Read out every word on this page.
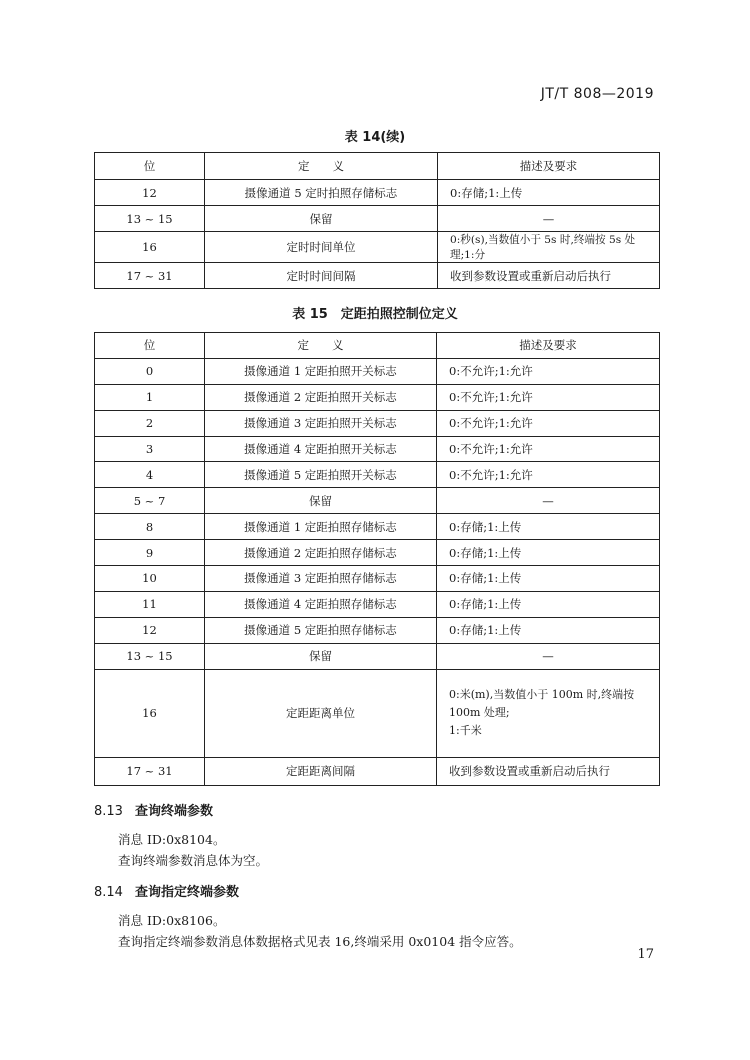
JT/T 808—2019
表 14(续)
位	定　　义	描述及要求
12	摄像通道 5 定时拍照存储标志	0:存储;1:上传
13 ~ 15	保留	—
16	定时时间单位	0:秒(s),当数值小于 5s 时,终端按 5s 处理;1:分
17 ~ 31	定时时间间隔	收到参数设置或重新启动后执行
表 15　定距拍照控制位定义
位	定　　义	描述及要求
0	摄像通道 1 定距拍照开关标志	0:不允许;1:允许
1	摄像通道 2 定距拍照开关标志	0:不允许;1:允许
2	摄像通道 3 定距拍照开关标志	0:不允许;1:允许
3	摄像通道 4 定距拍照开关标志	0:不允许;1:允许
4	摄像通道 5 定距拍照开关标志	0:不允许;1:允许
5 ~ 7	保留	—
8	摄像通道 1 定距拍照存储标志	0:存储;1:上传
9	摄像通道 2 定距拍照存储标志	0:存储;1:上传
10	摄像通道 3 定距拍照存储标志	0:存储;1:上传
11	摄像通道 4 定距拍照存储标志	0:存储;1:上传
12	摄像通道 5 定距拍照存储标志	0:存储;1:上传
13 ~ 15	保留	—
16	定距距离单位	0:米(m),当数值小于 100m 时,终端按
100m 处理;
1:千米

17 ~ 31	定距距离间隔	收到参数设置或重新启动后执行
8.13 查询终端参数
消息 ID:0x8104。
查询终端参数消息体为空。
8.14 查询指定终端参数
消息 ID:0x8106。
查询指定终端参数消息体数据格式见表 16,终端采用 0x0104 指令应答。
17
